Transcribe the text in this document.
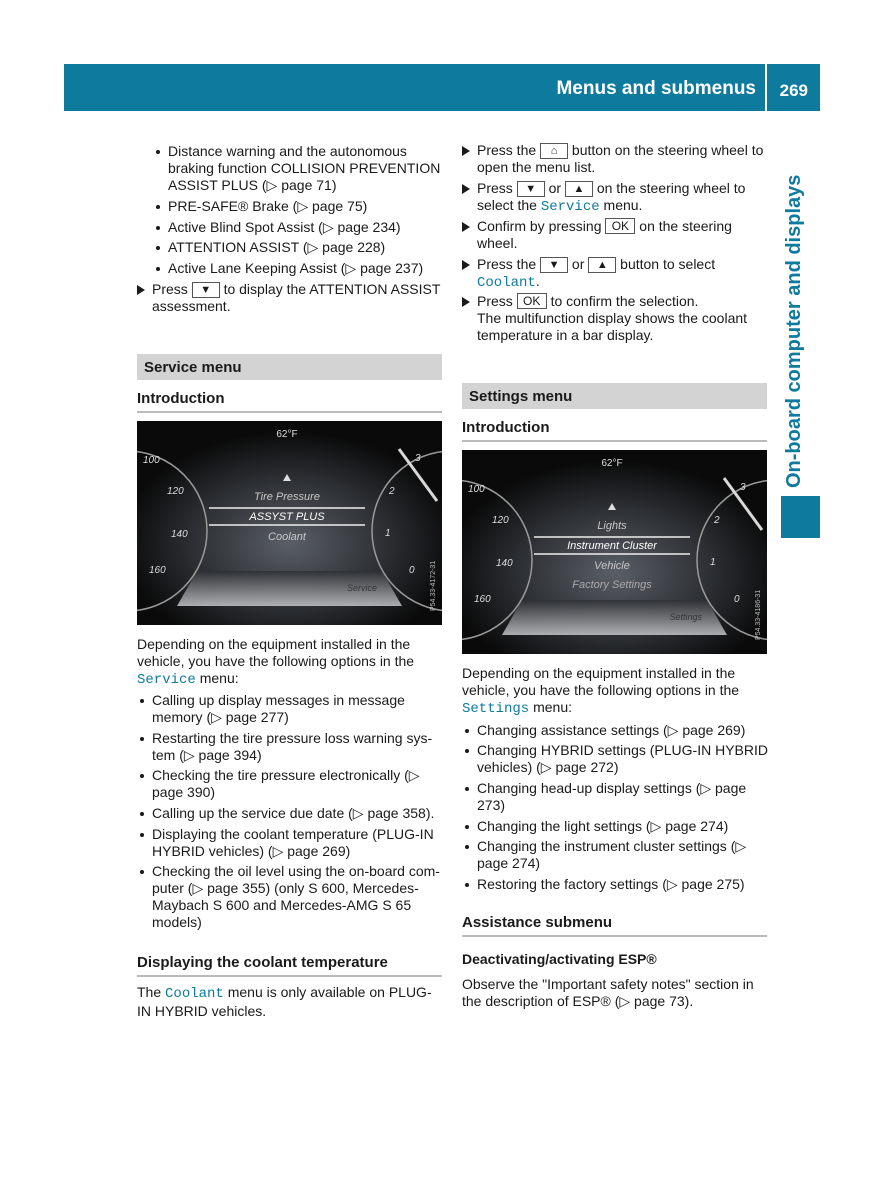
Menus and submenus 269
On-board computer and displays
Distance warning and the autonomous braking function COLLISION PREVENTION ASSIST PLUS (▷ page 71)
PRE-SAFE® Brake (▷ page 75)
Active Blind Spot Assist (▷ page 234)
ATTENTION ASSIST (▷ page 228)
Active Lane Keeping Assist (▷ page 237)
Press ▼ to display the ATTENTION ASSIST assessment.
Service menu
Introduction
62°F
Tire Pressure
ASSYST PLUS
Coolant
Service
100
120
140
160
3
2
1
0 P54.33-4172-31
Depending on the equipment installed in the vehicle, you have the following options in the Service menu:
Calling up display messages in message memory (▷ page 277)
Restarting the tire pressure loss warning sys-tem (▷ page 394)
Checking the tire pressure electronically (▷ page 390)
Calling up the service due date (▷ page 358).
Displaying the coolant temperature (PLUG-IN HYBRID vehicles) (▷ page 269)
Checking the oil level using the on-board com-puter (▷ page 355) (only S 600, Mercedes-Maybach S 600 and Mercedes-AMG S 65 models)
Displaying the coolant temperature
The Coolant menu is only available on PLUG-IN HYBRID vehicles.
Press the ⌂ button on the steering wheel to open the menu list.
Press ▼ or ▲ on the steering wheel to select the Service menu.
Confirm by pressing OK on the steering wheel.
Press the ▼ or ▲ button to select Coolant.
Press OK to confirm the selection.
The multifunction display shows the coolant temperature in a bar display.
Settings menu
Introduction
62°F
Lights
Instrument Cluster
Vehicle
Factory Settings
Settings
100
120
140
160
3
2
1
0 P54.33-4186-31
Depending on the equipment installed in the vehicle, you have the following options in the Settings menu:
Changing assistance settings (▷ page 269)
Changing HYBRID settings (PLUG-IN HYBRID vehicles) (▷ page 272)
Changing head-up display settings (▷ page 273)
Changing the light settings (▷ page 274)
Changing the instrument cluster settings (▷ page 274)
Restoring the factory settings (▷ page 275)
Assistance submenu
Deactivating/activating ESP®
Observe the "Important safety notes" section in the description of ESP® (▷ page 73).
